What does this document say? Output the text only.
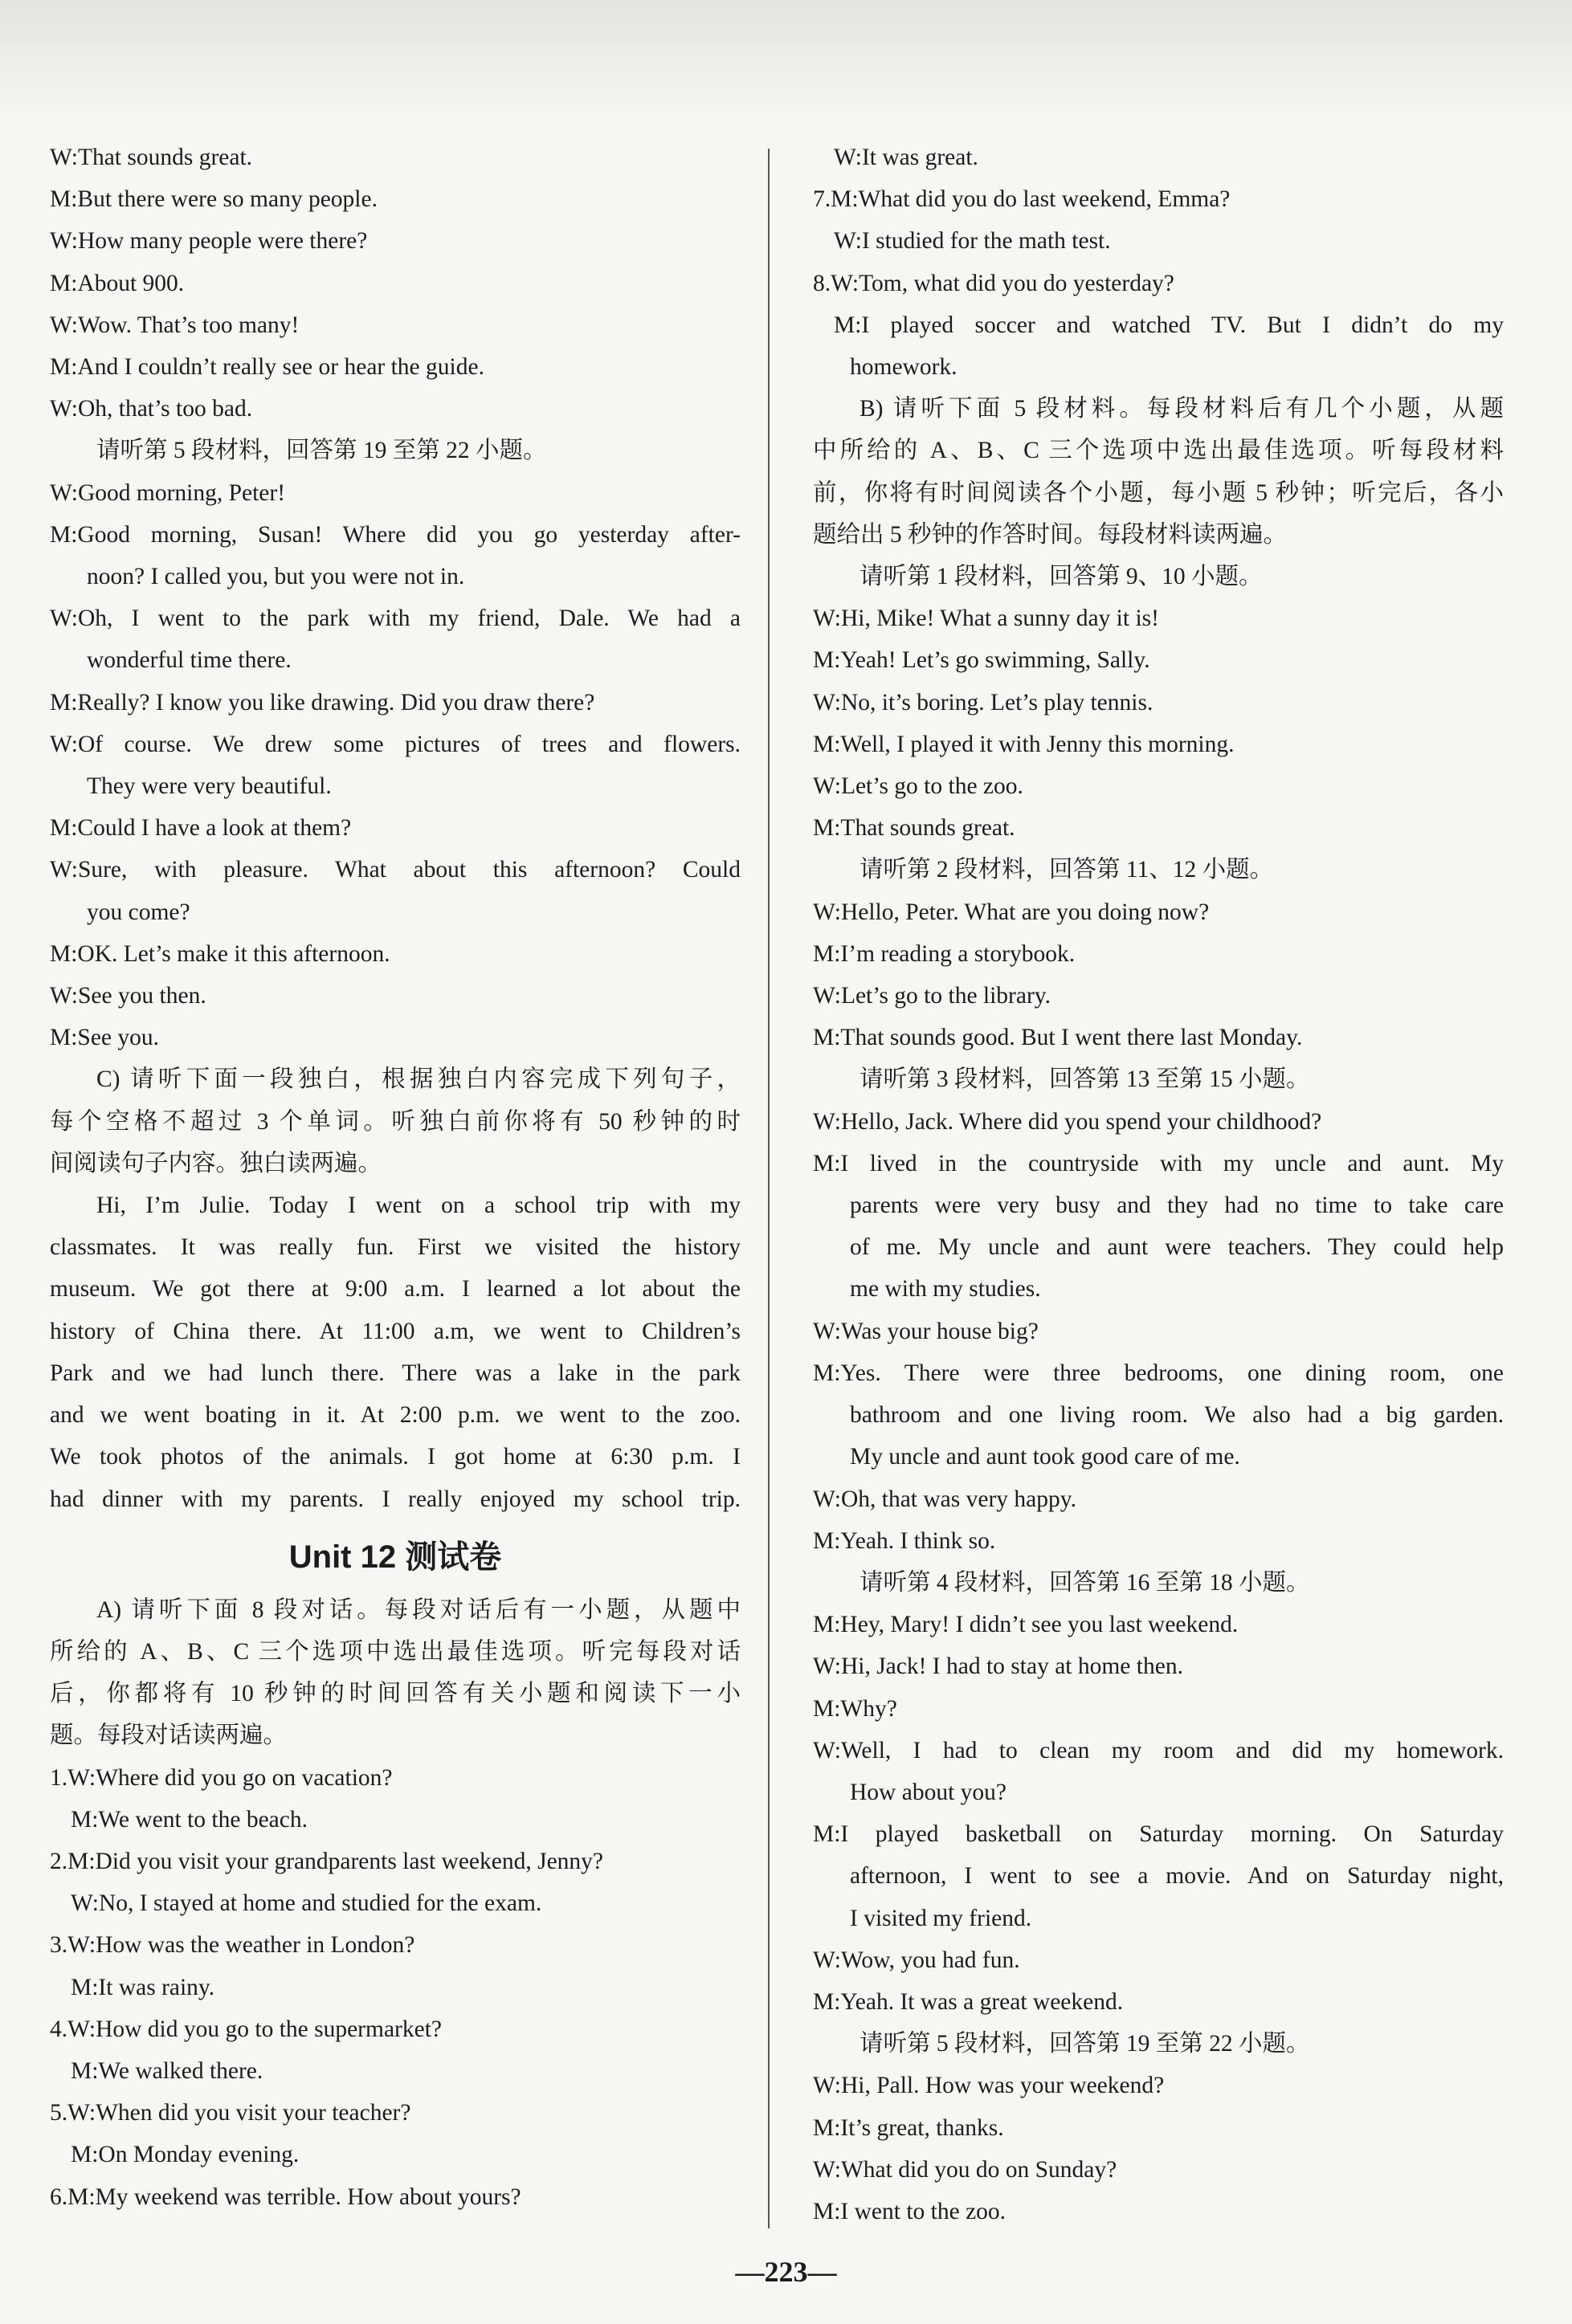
W:That sounds great.
M:But there were so many people.
W:How many people were there?
M:About 900.
W:Wow. That’s too many!
M:And I couldn’t really see or hear the guide.
W:Oh, that’s too bad.
请听第 5 段材料，回答第 19 至第 22 小题。
W:Good morning, Peter!
M:Good morning, Susan! Where did you go yesterday after-
noon? I called you, but you were not in.
W:Oh, I went to the park with my friend, Dale. We had a
wonderful time there.
M:Really? I know you like drawing. Did you draw there?
W:Of course. We drew some pictures of trees and flowers.
They were very beautiful.
M:Could I have a look at them?
W:Sure, with pleasure. What about this afternoon? Could
you come?
M:OK. Let’s make it this afternoon.
W:See you then.
M:See you.
C) 请听下面一段独白，根据独白内容完成下列句子，
每个空格不超过 3 个单词。听独白前你将有 50 秒钟的时
间阅读句子内容。独白读两遍。
Hi, I’m Julie. Today I went on a school trip with my
classmates. It was really fun. First we visited the history
museum. We got there at 9:00 a.m. I learned a lot about the
history of China there. At 11:00 a.m, we went to Children’s
Park and we had lunch there. There was a lake in the park
and we went boating in it. At 2:00 p.m. we went to the zoo.
We took photos of the animals. I got home at 6:30 p.m. I
had dinner with my parents. I really enjoyed my school trip.
Unit 12 测试卷
A) 请听下面 8 段对话。每段对话后有一小题，从题中
所给的 A、B、C 三个选项中选出最佳选项。听完每段对话
后，你都将有 10 秒钟的时间回答有关小题和阅读下一小
题。每段对话读两遍。
1.W:Where did you go on vacation?
M:We went to the beach.
2.M:Did you visit your grandparents last weekend, Jenny?
W:No, I stayed at home and studied for the exam.
3.W:How was the weather in London?
M:It was rainy.
4.W:How did you go to the supermarket?
M:We walked there.
5.W:When did you visit your teacher?
M:On Monday evening.
6.M:My weekend was terrible. How about yours?
W:It was great.
7.M:What did you do last weekend, Emma?
W:I studied for the math test.
8.W:Tom, what did you do yesterday?
M:I played soccer and watched TV. But I didn’t do my
homework.
B) 请听下面 5 段材料。每段材料后有几个小题，从题
中所给的 A、B、C 三个选项中选出最佳选项。听每段材料
前，你将有时间阅读各个小题，每小题 5 秒钟；听完后，各小
题给出 5 秒钟的作答时间。每段材料读两遍。
请听第 1 段材料，回答第 9、10 小题。
W:Hi, Mike! What a sunny day it is!
M:Yeah! Let’s go swimming, Sally.
W:No, it’s boring. Let’s play tennis.
M:Well, I played it with Jenny this morning.
W:Let’s go to the zoo.
M:That sounds great.
请听第 2 段材料，回答第 11、12 小题。
W:Hello, Peter. What are you doing now?
M:I’m reading a storybook.
W:Let’s go to the library.
M:That sounds good. But I went there last Monday.
请听第 3 段材料，回答第 13 至第 15 小题。
W:Hello, Jack. Where did you spend your childhood?
M:I lived in the countryside with my uncle and aunt. My
parents were very busy and they had no time to take care
of me. My uncle and aunt were teachers. They could help
me with my studies.
W:Was your house big?
M:Yes. There were three bedrooms, one dining room, one
bathroom and one living room. We also had a big garden.
My uncle and aunt took good care of me.
W:Oh, that was very happy.
M:Yeah. I think so.
请听第 4 段材料，回答第 16 至第 18 小题。
M:Hey, Mary! I didn’t see you last weekend.
W:Hi, Jack! I had to stay at home then.
M:Why?
W:Well, I had to clean my room and did my homework.
How about you?
M:I played basketball on Saturday morning. On Saturday
afternoon, I went to see a movie. And on Saturday night,
I visited my friend.
W:Wow, you had fun.
M:Yeah. It was a great weekend.
请听第 5 段材料，回答第 19 至第 22 小题。
W:Hi, Pall. How was your weekend?
M:It’s great, thanks.
W:What did you do on Sunday?
M:I went to the zoo.
—223—
